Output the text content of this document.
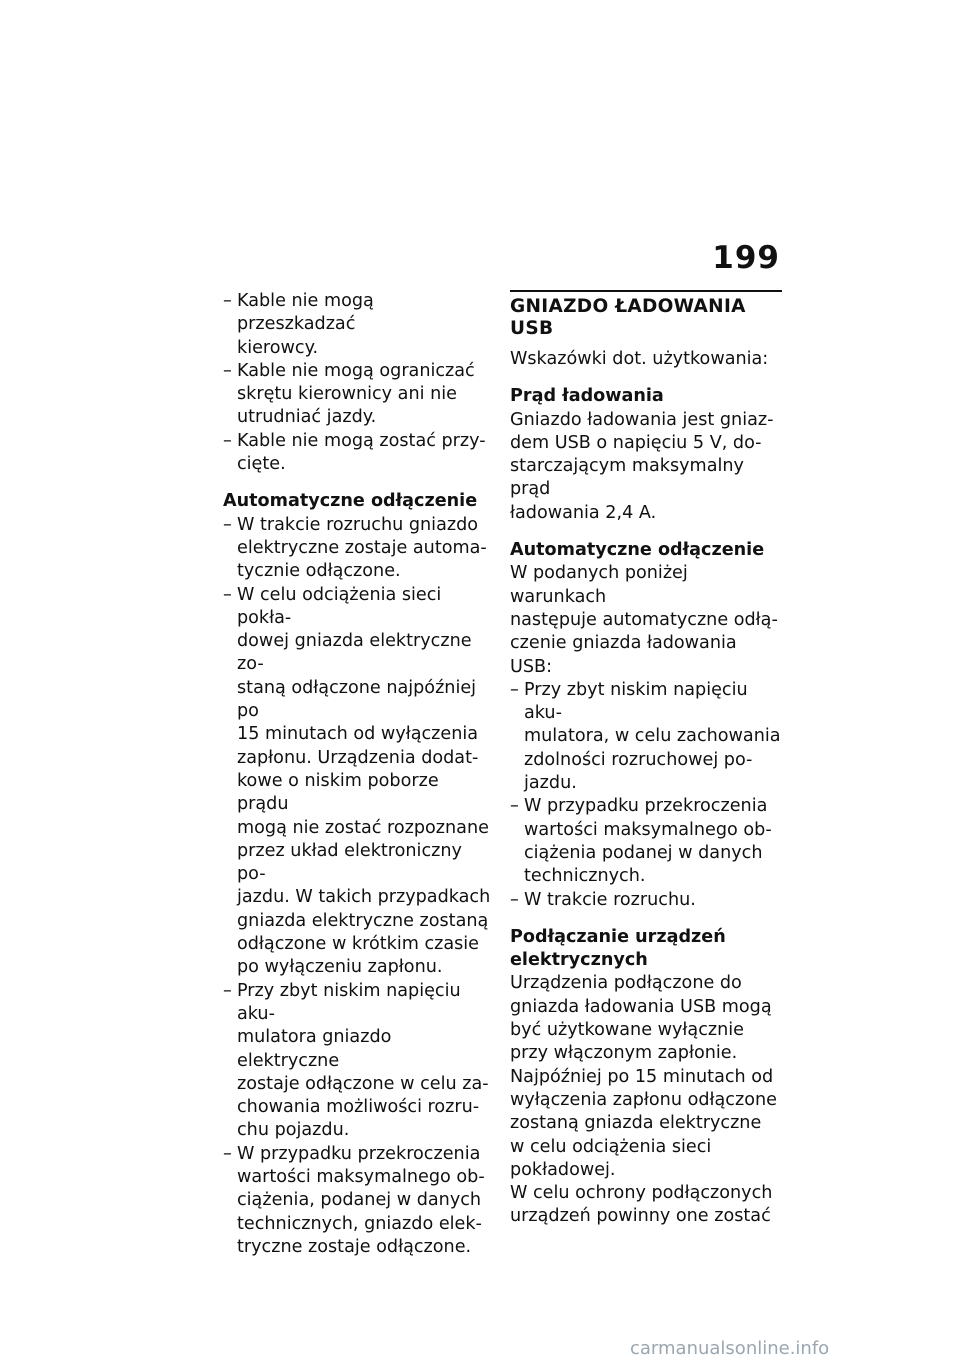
199
– Kable nie mogą przeszkadzać
kierowcy.
– Kable nie mogą ograniczać
skrętu kierownicy ani nie
utrudniać jazdy.
– Kable nie mogą zostać przy-
cięte.

Automatyczne odłączenie

– W trakcie rozruchu gniazdo
elektryczne zostaje automa-
tycznie odłączone.
– W celu odciążenia sieci pokła-
dowej gniazda elektryczne zo-
staną odłączone najpóźniej po
15 minutach od wyłączenia
zapłonu. Urządzenia dodat-
kowe o niskim poborze prądu
mogą nie zostać rozpoznane
przez układ elektroniczny po-
jazdu. W takich przypadkach
gniazda elektryczne zostaną
odłączone w krótkim czasie
po wyłączeniu zapłonu.
– Przy zbyt niskim napięciu aku-
mulatora gniazdo elektryczne
zostaje odłączone w celu za-
chowania możliwości rozru-
chu pojazdu.
– W przypadku przekroczenia
wartości maksymalnego ob-
ciążenia, podanej w danych
technicznych, gniazdo elek-
tryczne zostaje odłączone.

GNIAZDO ŁADOWANIA USB

Wskazówki dot. użytkowania:

Prąd ładowania

Gniazdo ładowania jest gniaz-
dem USB o napięciu 5 V, do-
starczającym maksymalny prąd
ładowania 2,4 A.

Automatyczne odłączenie

W podanych poniżej warunkach
następuje automatyczne odłą-
czenie gniazda ładowania USB:

– Przy zbyt niskim napięciu aku-
mulatora, w celu zachowania
zdolności rozruchowej po-
jazdu.
– W przypadku przekroczenia
wartości maksymalnego ob-
ciążenia podanej w danych
technicznych.
– W trakcie rozruchu.

Podłączanie urządzeń
elektrycznych

Urządzenia podłączone do
gniazda ładowania USB mogą
być użytkowane wyłącznie
przy włączonym zapłonie.
Najpóźniej po 15 minutach od
wyłączenia zapłonu odłączone
zostaną gniazda elektryczne
w celu odciążenia sieci
pokładowej.
W celu ochrony podłączonych
urządzeń powinny one zostać

carmanualsonline.info
